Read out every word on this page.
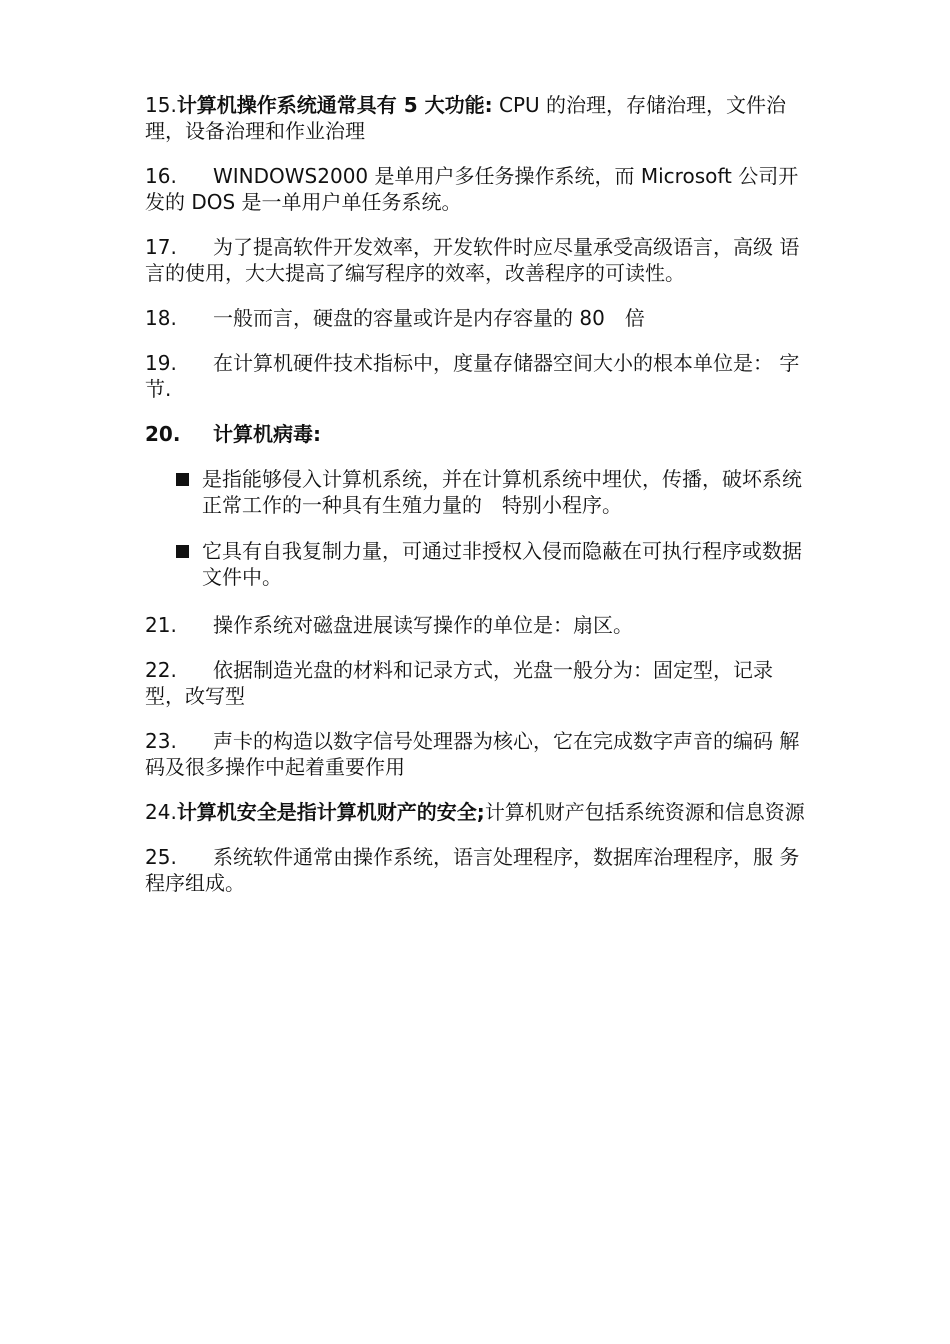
15.计算机操作系统通常具有 5 大功能: CPU 的治理，存储治理，文件治理，设备治理和作业治理
16. WINDOWS2000 是单用户多任务操作系统，而 Microsoft 公司开发的 DOS 是一单用户单任务系统。
17. 为了提高软件开发效率，开发软件时应尽量承受高级语言，高级 语言的使用，大大提高了编写程序的效率，改善程序的可读性。
18. 一般而言，硬盘的容量或许是内存容量的 80 倍
19. 在计算机硬件技术指标中，度量存储器空间大小的根本单位是： 字节.
20. 计算机病毒:
是指能够侵入计算机系统，并在计算机系统中埋伏，传播，破坏系统正常工作的一种具有生殖力量的 特别小程序。
它具有自我复制力量，可通过非授权入侵而隐蔽在可执行程序或数据文件中。
21. 操作系统对磁盘进展读写操作的单位是：扇区。
22. 依据制造光盘的材料和记录方式，光盘一般分为：固定型，记录 型，改写型
23. 声卡的构造以数字信号处理器为核心，它在完成数字声音的编码 解码及很多操作中起着重要作用
24.计算机安全是指计算机财产的安全;计算机财产包括系统资源和信息资源
25. 系统软件通常由操作系统，语言处理程序，数据库治理程序，服 务程序组成。
